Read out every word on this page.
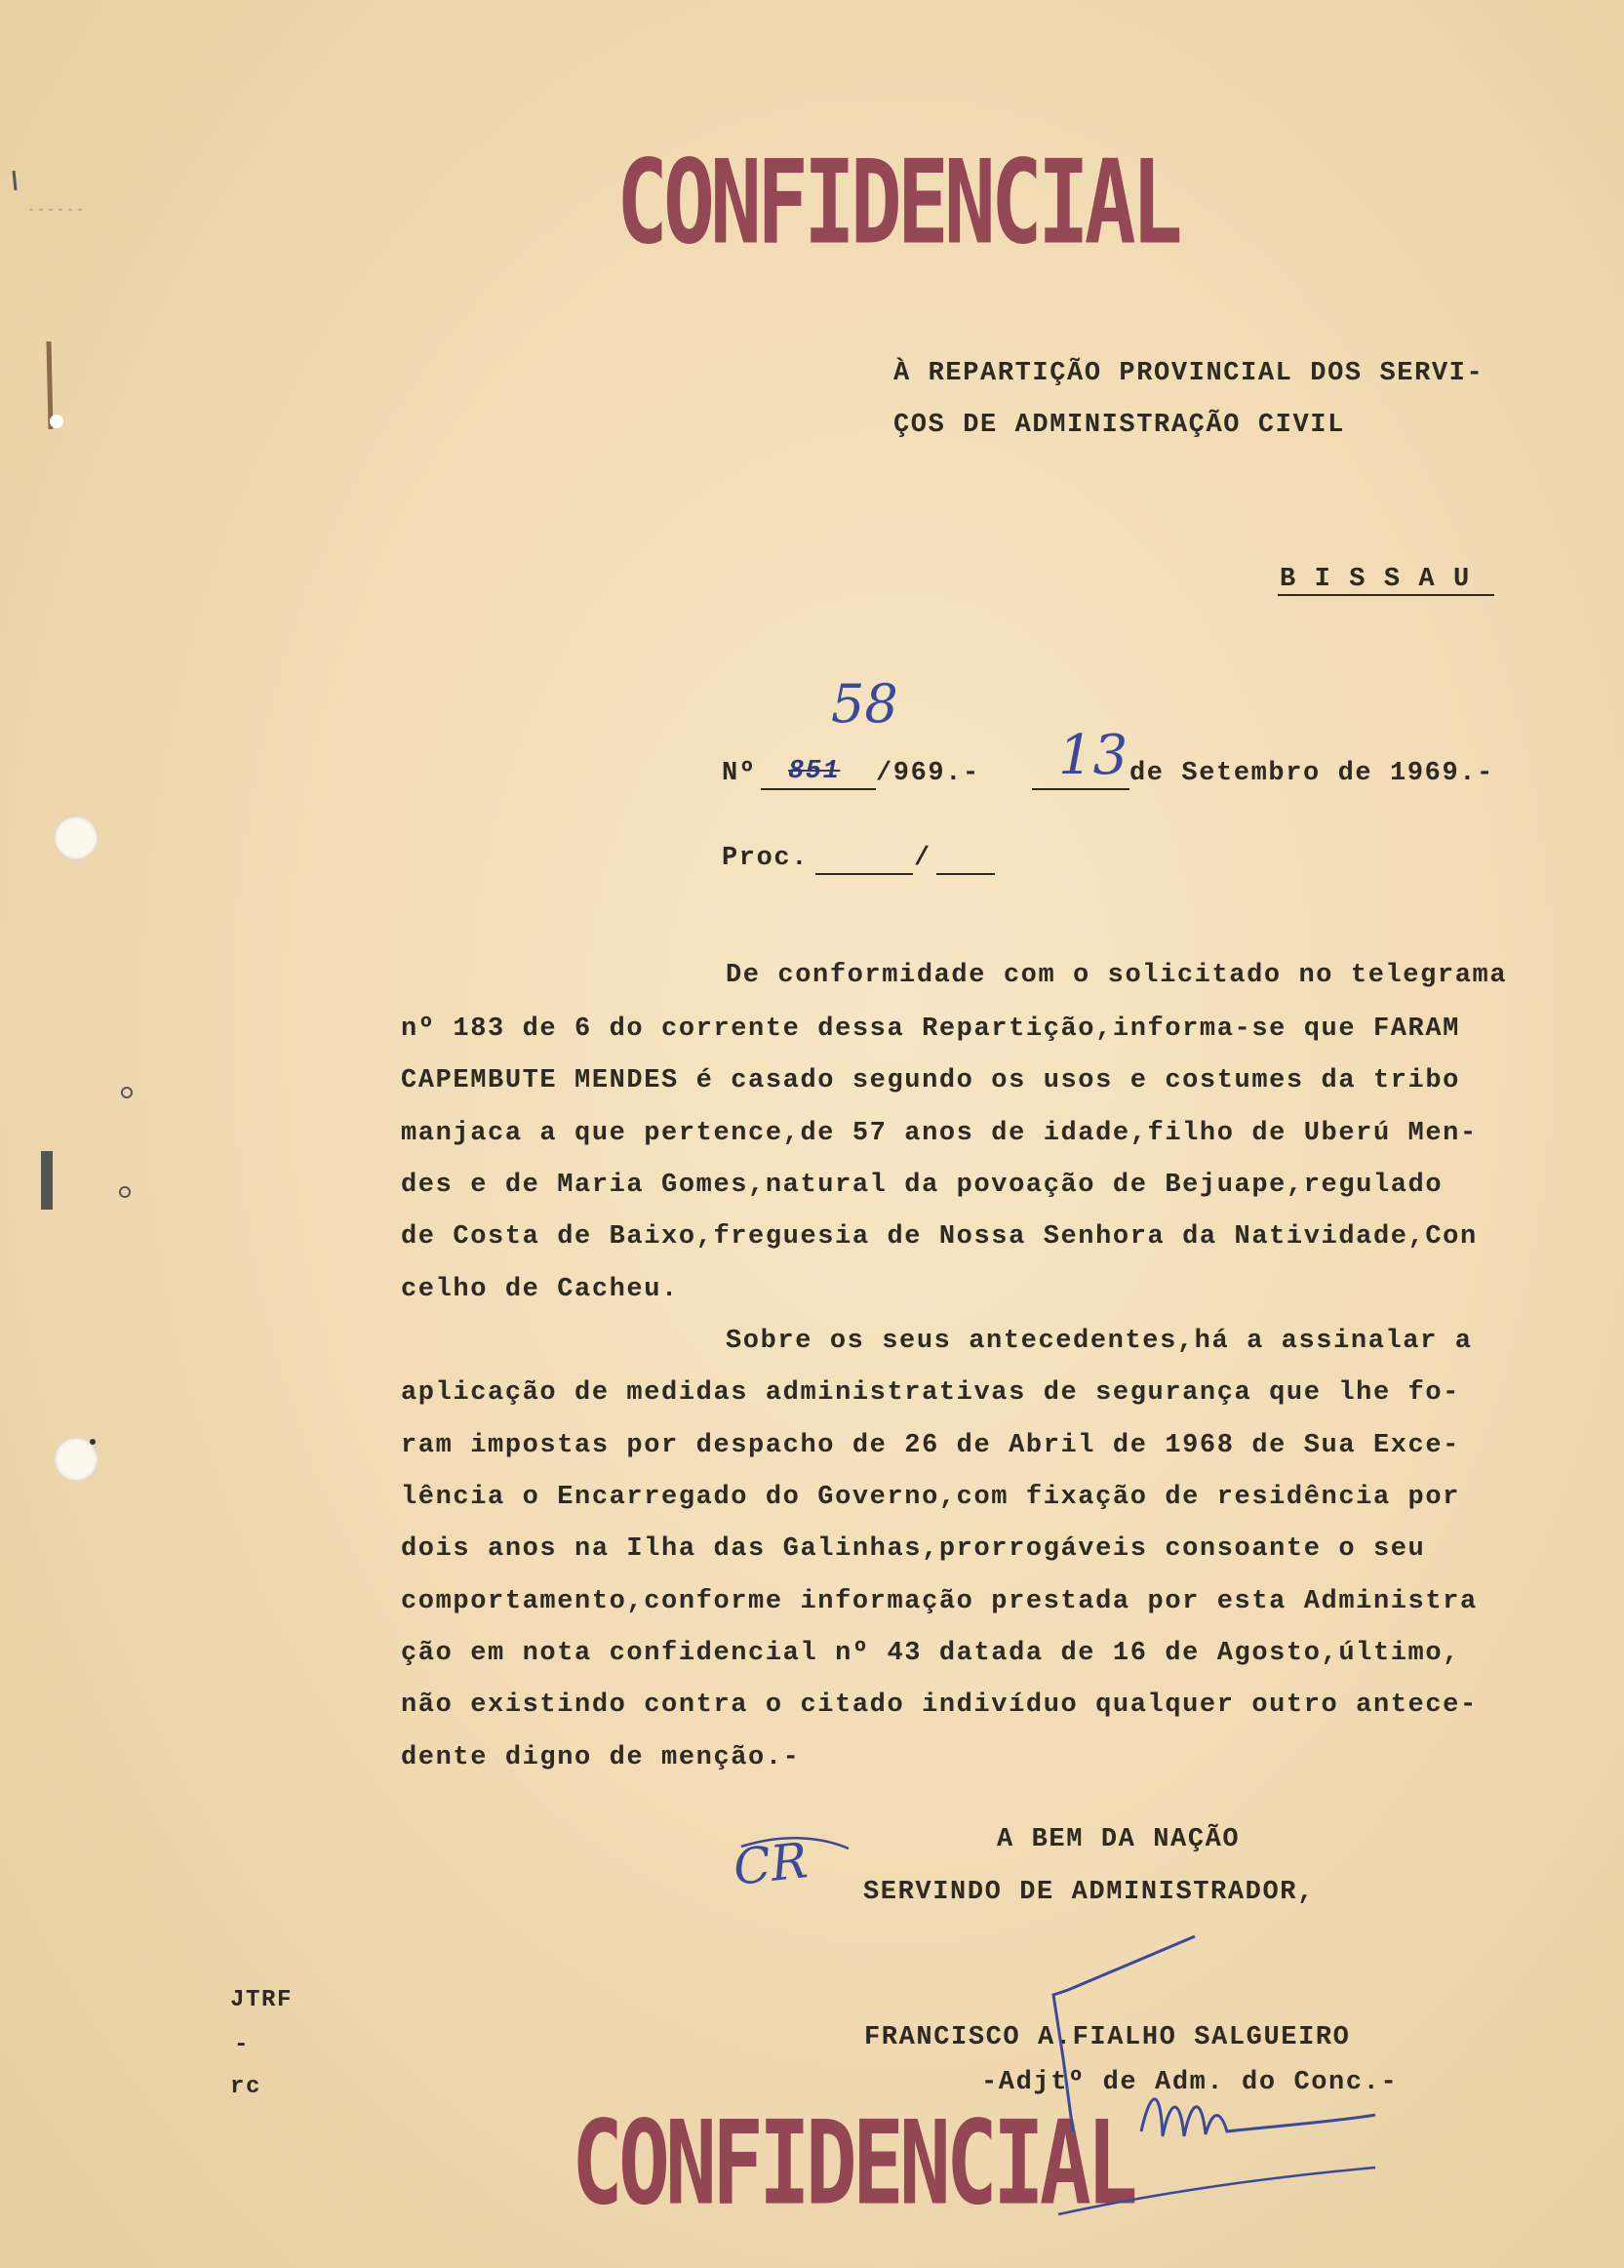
CONFIDENCIAL
CONFIDENCIAL
À REPARTIÇÃO PROVINCIAL DOS SERVI-
ÇOS DE ADMINISTRAÇÃO CIVIL
B I S S A U
58
Nº 851 /969.- 13 de Setembro de 1969.-
Proc.	/
De conformidade com o solicitado no telegrama
nº 183 de 6 do corrente dessa Repartição,informa-se que FARAM
CAPEMBUTE MENDES é casado segundo os usos e costumes da tribo
manjaca a que pertence,de 57 anos de idade,filho de Uberú Men-
des e de Maria Gomes,natural da povoação de Bejuape,regulado
de Costa de Baixo,freguesia de Nossa Senhora da Natividade,Con
celho de Cacheu.
Sobre os seus antecedentes,há a assinalar a
aplicação de medidas administrativas de segurança que lhe fo-
ram impostas por despacho de 26 de Abril de 1968 de Sua Exce-
lência o Encarregado do Governo,com fixação de residência por
dois anos na Ilha das Galinhas,prorrogáveis consoante o seu
comportamento,conforme informação prestada por esta Administra
ção em nota confidencial nº 43 datada de 16 de Agosto,último,
não existindo contra o citado indivíduo qualquer outro antece-
dente digno de menção.-
A BEM DA NAÇÃO
CR SERVINDO DE ADMINISTRADOR,
FRANCISCO A.FIALHO SALGUEIRO
-Adjtº de Adm. do Conc.-
JTRF
-
rc
